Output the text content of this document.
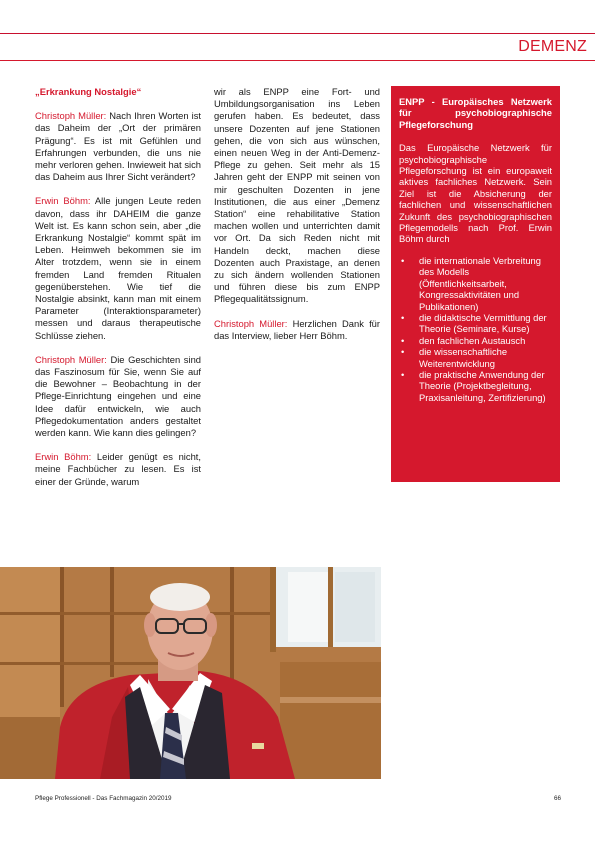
DEMENZ

„Erkrankung Nostalgie“

Christoph Müller: Nach Ihren Worten ist das Daheim der „Ort der primären Prägung“. Es ist mit Gefühlen und Erfahrungen verbunden, die uns nie mehr verloren gehen. Inwieweit hat sich das Daheim aus Ihrer Sicht verändert?

Erwin Böhm: Alle jungen Leute reden davon, dass ihr DAHEIM die ganze Welt ist. Es kann schon sein, aber „die Erkrankung Nostalgie“ kommt spät im Leben. Heimweh bekommen sie im Alter trotzdem, wenn sie in einem fremden Land fremden Ritualen gegenüberstehen. Wie tief die Nostalgie absinkt, kann man mit einem Parameter (Interaktionsparameter) messen und daraus therapeutische Schlüsse ziehen.

Christoph Müller: Die Geschichten sind das Faszinosum für Sie, wenn Sie auf die Bewohner – Beobachtung in der Pflege-Einrichtung eingehen und eine Idee dafür entwickeln, wie auch Pflegedokumentation anders gestaltet werden kann. Wie kann dies gelingen?

Erwin Böhm: Leider genügt es nicht, meine Fachbücher zu lesen. Es ist einer der Gründe, warum

wir als ENPP eine Fort- und Umbildungsorganisation ins Leben gerufen haben. Es bedeutet, dass unsere Dozenten auf jene Stationen gehen, die von sich aus wünschen, einen neuen Weg in der Anti-Demenz-Pflege zu gehen. Seit mehr als 15 Jahren geht der ENPP mit seinen von mir geschulten Dozenten in jene Institutionen, die aus einer „Demenz Station“ eine rehabilitative Station machen wollen und unterrichten damit vor Ort. Da sich Reden nicht mit Handeln deckt, machen diese Dozenten auch Praxistage, an denen zu sich ändern wollenden Stationen und führen diese bis zum ENPP Pflegequalitätssignum.

Christoph Müller: Herzlichen Dank für das Interview, lieber Herr Böhm.

ENPP - Europäisches Netzwerk für psychobiographische Pflegeforschung

Das Europäische Netzwerk für psychobiographische Pflegeforschung ist ein europaweit aktives fachliches Netzwerk. Sein Ziel ist die Absicherung der fachlichen und wissenschaftlichen Zukunft des psychobiographischen Pflegemodells nach Prof. Erwin Böhm durch

• die internationale Verbreitung des Modells (Öffentlichkeitsarbeit, Kongressaktivitäten und Publikationen)
• die didaktische Vermittlung der Theorie (Seminare, Kurse)
• den fachlichen Austausch
• die wissenschaftliche Weiterentwicklung
• die praktische Anwendung der Theorie (Projektbegleitung, Praxisanleitung, Zertifizierung)
Pflege Professionell - Das Fachmagazin 20/2019	66
